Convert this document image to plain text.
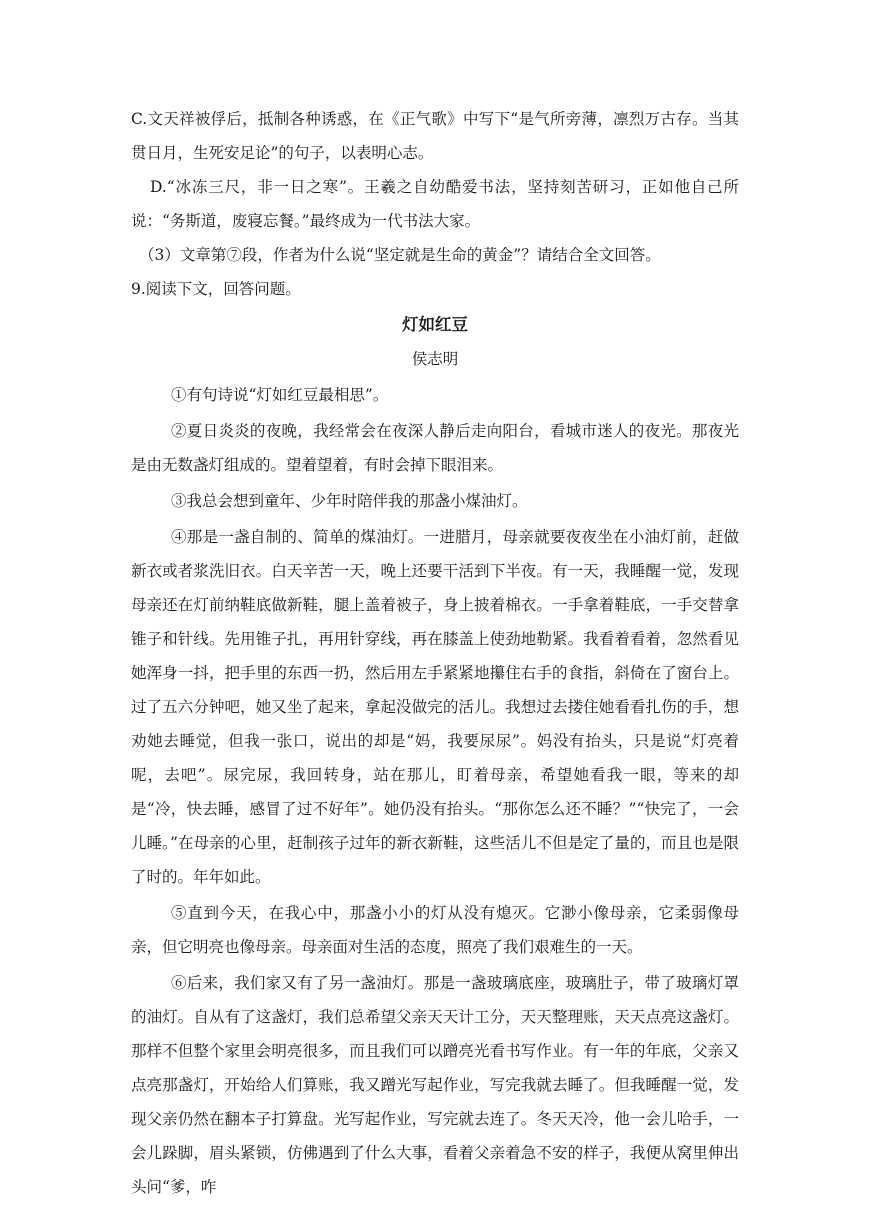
C.文天祥被俘后，抵制各种诱惑，在《正气歌》中写下“是气所旁薄，凛烈万古存。当其贯日月，生死安足论”的句子，以表明心志。

D.“冰冻三尺，非一日之寒”。王羲之自幼酷爱书法，坚持刻苦研习，正如他自己所说：“务斯道，废寝忘餐。”最终成为一代书法大家。

（3）文章第⑦段，作者为什么说“坚定就是生命的黄金”？请结合全文回答。

9.阅读下文，回答问题。

灯如红豆

侯志明

①有句诗说“灯如红豆最相思”。

②夏日炎炎的夜晚，我经常会在夜深人静后走向阳台，看城市迷人的夜光。那夜光是由无数盏灯组成的。望着望着，有时会掉下眼泪来。

③我总会想到童年、少年时陪伴我的那盏小煤油灯。

④那是一盏自制的、简单的煤油灯。一进腊月，母亲就要夜夜坐在小油灯前，赶做新衣或者浆洗旧衣。白天辛苦一天，晚上还要干活到下半夜。有一天，我睡醒一觉，发现母亲还在灯前纳鞋底做新鞋，腿上盖着被子，身上披着棉衣。一手拿着鞋底，一手交替拿锥子和针线。先用锥子扎，再用针穿线，再在膝盖上使劲地勒紧。我看着看着，忽然看见她浑身一抖，把手里的东西一扔，然后用左手紧紧地攥住右手的食指，斜倚在了窗台上。过了五六分钟吧，她又坐了起来，拿起没做完的活儿。我想过去搂住她看看扎伤的手，想劝她去睡觉，但我一张口，说出的却是“妈，我要尿尿”。妈没有抬头，只是说“灯亮着呢，去吧”。尿完尿，我回转身，站在那儿，盯着母亲，希望她看我一眼，等来的却是“冷，快去睡，感冒了过不好年”。她仍没有抬头。“那你怎么还不睡？”“快完了，一会儿睡。”在母亲的心里，赶制孩子过年的新衣新鞋，这些活儿不但是定了量的，而且也是限了时的。年年如此。

⑤直到今天，在我心中，那盏小小的灯从没有熄灭。它渺小像母亲，它柔弱像母亲，但它明亮也像母亲。母亲面对生活的态度，照亮了我们艰难生的一天。

⑥后来，我们家又有了另一盏油灯。那是一盏玻璃底座，玻璃肚子，带了玻璃灯罩的油灯。自从有了这盏灯，我们总希望父亲天天计工分，天天整理账，天天点亮这盏灯。那样不但整个家里会明亮很多，而且我们可以蹭亮光看书写作业。有一年的年底，父亲又点亮那盏灯，开始给人们算账，我又蹭光写起作业，写完我就去睡了。但我睡醒一觉，发现父亲仍然在翻本子打算盘。光写起作业，写完就去连了。冬天天冷，他一会儿哈手，一会儿跺脚，眉头紧锁，仿佛遇到了什么大事，看着父亲着急不安的样子，我便从窝里伸出头问“爹，咋
